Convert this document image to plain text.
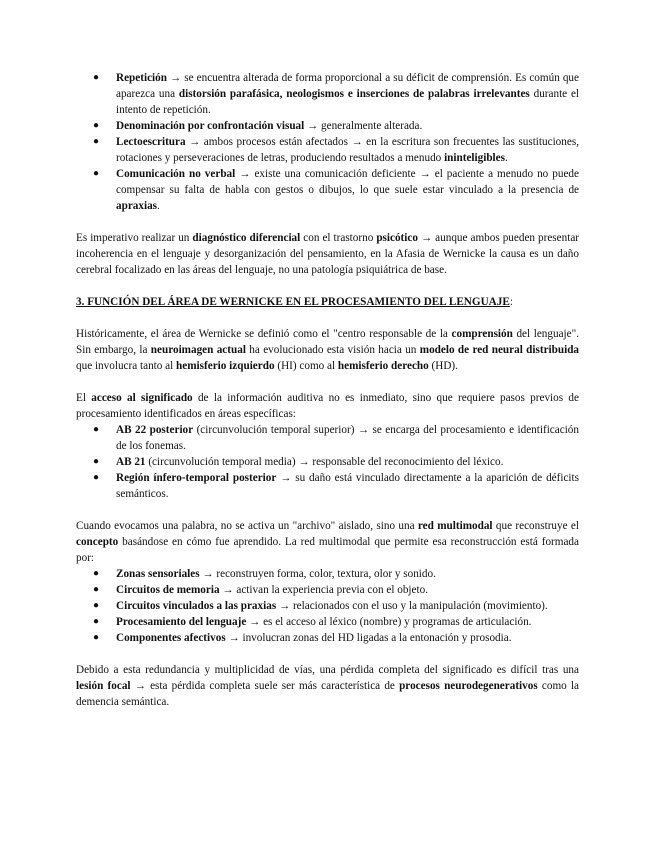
● Repetición → se encuentra alterada de forma proporcional a su déficit de comprensión. Es común que aparezca una distorsión parafásica, neologismos e inserciones de palabras irrelevantes durante el intento de repetición.
● Denominación por confrontación visual → generalmente alterada.
● Lectoescritura → ambos procesos están afectados → en la escritura son frecuentes las sustituciones, rotaciones y perseveraciones de letras, produciendo resultados a menudo ininteligibles.
● Comunicación no verbal → existe una comunicación deficiente → el paciente a menudo no puede compensar su falta de habla con gestos o dibujos, lo que suele estar vinculado a la presencia de apraxias.

Es imperativo realizar un diagnóstico diferencial con el trastorno psicótico → aunque ambos pueden presentar incoherencia en el lenguaje y desorganización del pensamiento, en la Afasia de Wernicke la causa es un daño cerebral focalizado en las áreas del lenguaje, no una patología psiquiátrica de base.

3. FUNCIÓN DEL ÁREA DE WERNICKE EN EL PROCESAMIENTO DEL LENGUAJE:

Históricamente, el área de Wernicke se definió como el "centro responsable de la comprensión del lenguaje". Sin embargo, la neuroimagen actual ha evolucionado esta visión hacia un modelo de red neural distribuida que involucra tanto al hemisferio izquierdo (HI) como al hemisferio derecho (HD).

El acceso al significado de la información auditiva no es inmediato, sino que requiere pasos previos de procesamiento identificados en áreas específicas:

● AB 22 posterior (circunvolución temporal superior) → se encarga del procesamiento e identificación de los fonemas.
● AB 21 (circunvolución temporal media) → responsable del reconocimiento del léxico.
● Región ínfero-temporal posterior → su daño está vinculado directamente a la aparición de déficits semánticos.

Cuando evocamos una palabra, no se activa un "archivo" aislado, sino una red multimodal que reconstruye el concepto basándose en cómo fue aprendido. La red multimodal que permite esa reconstrucción está formada por:

● Zonas sensoriales → reconstruyen forma, color, textura, olor y sonido.
● Circuitos de memoria → activan la experiencia previa con el objeto.
● Circuitos vinculados a las praxias → relacionados con el uso y la manipulación (movimiento).
● Procesamiento del lenguaje → es el acceso al léxico (nombre) y programas de articulación.
● Componentes afectivos → involucran zonas del HD ligadas a la entonación y prosodia.

Debido a esta redundancia y multiplicidad de vías, una pérdida completa del significado es difícil tras una lesión focal → esta pérdida completa suele ser más característica de procesos neurodegenerativos como la demencia semántica.
